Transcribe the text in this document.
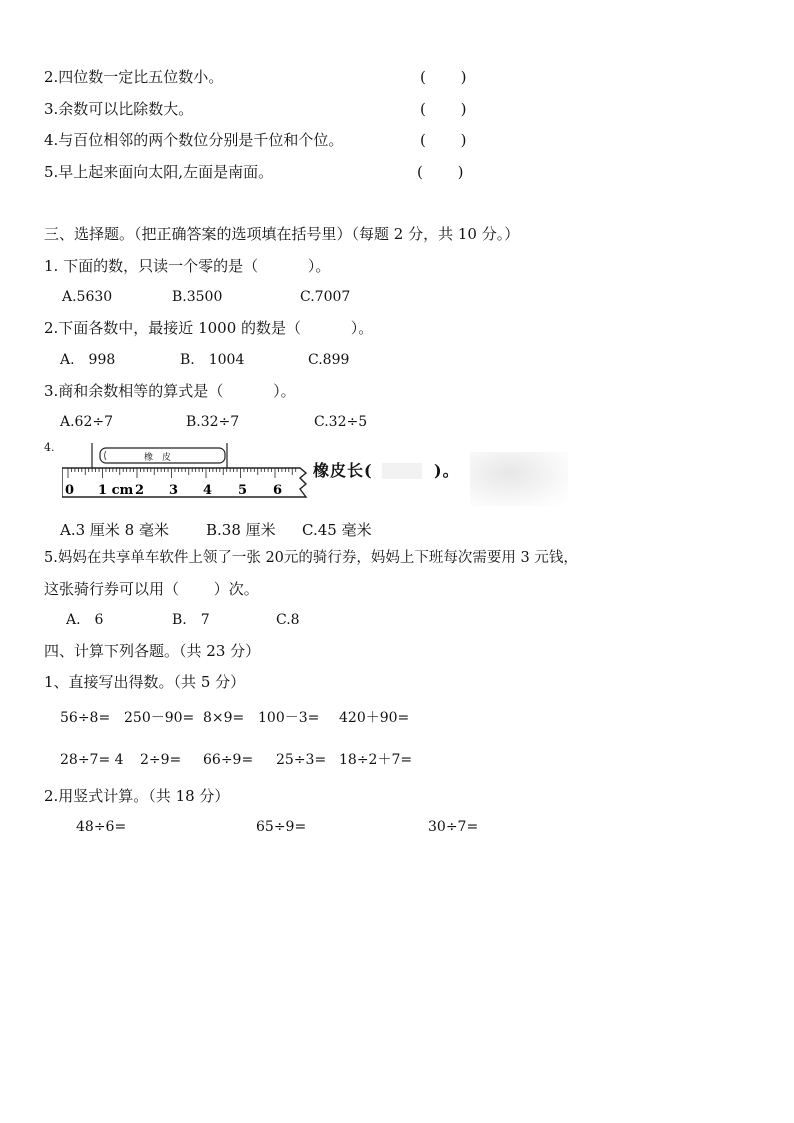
2.四位数一定比五位数小。	(　　 )
3.余数可以比除数大。	(　　 )
4.与百位相邻的两个数位分别是千位和个位。	(　　 )
5.早上起来面向太阳,左面是南面。	(　　 )
三、选择题。（把正确答案的选项填在括号里）（每题 2 分，共 10 分。）
1. 下面的数，只读一个零的是（　　　 ）。
A.5630	B.3500	C.7007
2.下面各数中，最接近 1000 的数是（　　　 ）。
A.　998	B.　1004	C.899
3.商和余数相等的算式是（　　　 ）。
A.62÷7	B.32÷7	C.32÷5
4.
橡　皮
0 1 cm 2 3 4 5 6
橡皮长(	)。
A.3 厘米 8 毫米 B.38 厘米 C.45 毫米
5.妈妈在共享单车软件上领了一张 20元的骑行券，妈妈上下班每次需要用 3 元钱，
这张骑行券可以用（　　 ）次。
A.　6	B.　7	C.8
四、计算下列各题。（共 23 分）
1、直接写出得数。（共 5 分）
56÷8= 250－90= 8×9= 100－3= 420＋90=
28÷7= 4 2÷9= 66÷9= 25÷3= 18÷2＋7=
2.用竖式计算。（共 18 分）
48÷6=	65÷9=	30÷7=
